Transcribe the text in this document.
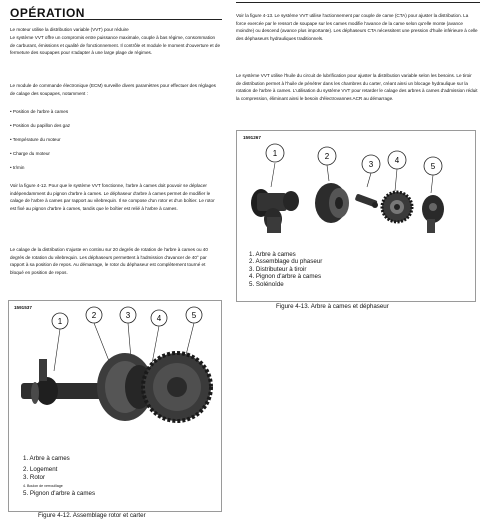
OPÉRATION

Le moteur utilise la distribution variable (VVT) pour réduire

Le système VVT offre un compromis entre puissance maximale, couple à bas régime, consommation de carburant, émissions et qualité de fonctionnement. Il contrôle et module le moment d'ouverture et de fermeture des soupapes pour s'adapter à une large plage de régimes.

Le module de commande électronique (ECM) surveille divers paramètres pour effectuer des réglages de calage des soupapes, notamment :

• Position de l'arbre à cames

• Position du papillon des gaz

• Température du moteur

• Charge du moteur

• tr/min

Voir la figure 4-12. Pour que le système VVT fonctionne, l'arbre à cames doit pouvoir se déplacer indépendamment du pignon d'arbre à cames. Le déphaseur d'arbre à cames permet de modifier le calage de l'arbre à cames par rapport au vilebrequin. Il se compose d'un rotor et d'un boîtier. Le rotor est fixé au pignon d'arbre à cames, tandis que le boîtier est relié à l'arbre à cames.

Le calage de la distribution s'ajuste en continu sur 20 degrés de rotation de l'arbre à cames ou 40 degrés de rotation du vilebrequin. Les déphaseurs permettent à l'admission d'avancer de 40° par rapport à sa position de repos. Au démarrage, le rotor du déphaseur est complètement tourné et bloqué en position de repos.

1591537
1
2	3	4	5
1. Arbre à cames
2. Logement
3. Rotor
4. Boulon de verrouillage
5. Pignon d'arbre à cames
Figure 4-12. Assemblage rotor et carter

Voir la figure 4-13. Le système VVT utilise l'actionnement par couple de came (CTA) pour ajuster la distribution. La force exercée par le ressort de soupape sur les cames modifie l'avance de la came selon qu'elle monte (avance moindre) ou descend (avance plus importante). Les déphaseurs CTA nécessitent une pression d'huile inférieure à celle des déphaseurs hydrauliques traditionnels.

Le système VVT utilise l'huile du circuit de lubrification pour ajuster la distribution variable selon les besoins. Le tiroir de distribution permet à l'huile de pénétrer dans les chambres du carter, créant ainsi un blocage hydraulique sur la rotation de l'arbre à cames. L'utilisation du système VVT pour retarder le calage des arbres à cames d'admission réduit la compression, éliminant ainsi le besoin d'électrovannes ACR au démarrage.

1591267
1	2
3	4
5
1. Arbre à cames
2. Assemblage du phaseur
3. Distributeur à tiroir
4. Pignon d'arbre à cames
5. Solénoïde
Figure 4-13. Arbre à cames et déphaseur
